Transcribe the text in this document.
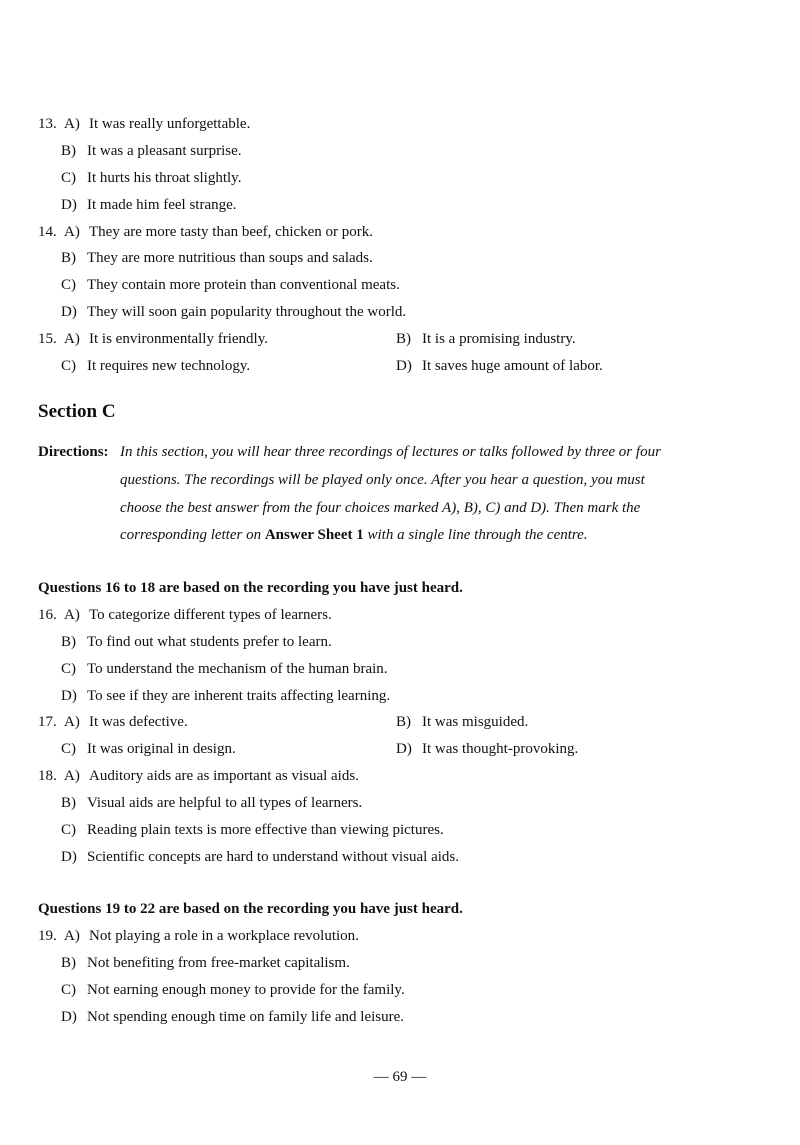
13. A) It was really unforgettable.
B) It was a pleasant surprise.
C) It hurts his throat slightly.
D) It made him feel strange.
14. A) They are more tasty than beef, chicken or pork.
B) They are more nutritious than soups and salads.
C) They contain more protein than conventional meats.
D) They will soon gain popularity throughout the world.
15. A) It is environmentally friendly.	B) It is a promising industry.
C) It requires new technology.	D) It saves huge amount of labor.
Section C
Directions: In this section, you will hear three recordings of lectures or talks followed by three or four
questions. The recordings will be played only once. After you hear a question, you must
choose the best answer from the four choices marked A), B), C) and D). Then mark the
corresponding letter on Answer Sheet 1 with a single line through the centre.
Questions 16 to 18 are based on the recording you have just heard.
16. A) To categorize different types of learners.
B) To find out what students prefer to learn.
C) To understand the mechanism of the human brain.
D) To see if they are inherent traits affecting learning.
17. A) It was defective.	B) It was misguided.
C) It was original in design.	D) It was thought-provoking.
18. A) Auditory aids are as important as visual aids.
B) Visual aids are helpful to all types of learners.
C) Reading plain texts is more effective than viewing pictures.
D) Scientific concepts are hard to understand without visual aids.
Questions 19 to 22 are based on the recording you have just heard.
19. A) Not playing a role in a workplace revolution.
B) Not benefiting from free-market capitalism.
C) Not earning enough money to provide for the family.
D) Not spending enough time on family life and leisure.
— 69 —
